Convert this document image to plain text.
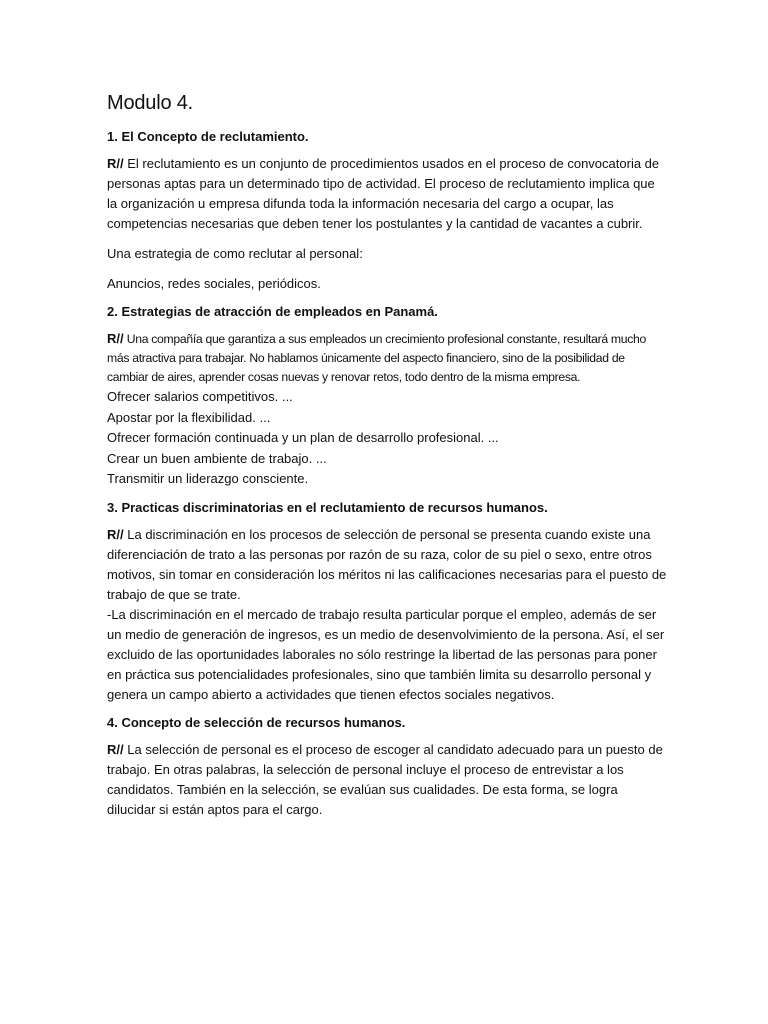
Modulo 4.
1. El Concepto de reclutamiento.

R// El reclutamiento es un conjunto de procedimientos usados en el proceso de convocatoria de personas aptas para un determinado tipo de actividad. El proceso de reclutamiento implica que la organización u empresa difunda toda la información necesaria del cargo a ocupar, las competencias necesarias que deben tener los postulantes y la cantidad de vacantes a cubrir.

Una estrategia de como reclutar al personal:

Anuncios, redes sociales, periódicos.

2. Estrategias de atracción de empleados en Panamá.

R// Una compañía que garantiza a sus empleados un crecimiento profesional constante, resultará mucho más atractiva para trabajar. No hablamos únicamente del aspecto financiero, sino de la posibilidad de cambiar de aires, aprender cosas nuevas y renovar retos, todo dentro de la misma empresa.

Ofrecer salarios competitivos. ...
Apostar por la flexibilidad. ...
Ofrecer formación continuada y un plan de desarrollo profesional. ...
Crear un buen ambiente de trabajo. ...
Transmitir un liderazgo consciente.
3. Practicas discriminatorias en el reclutamiento de recursos humanos.

R// La discriminación en los procesos de selección de personal se presenta cuando existe una diferenciación de trato a las personas por razón de su raza, color de su piel o sexo, entre otros motivos, sin tomar en consideración los méritos ni las calificaciones necesarias para el puesto de trabajo de que se trate.

-La discriminación en el mercado de trabajo resulta particular porque el empleo, además de ser un medio de generación de ingresos, es un medio de desenvolvimiento de la persona. Así, el ser excluido de las oportunidades laborales no sólo restringe la libertad de las personas para poner en práctica sus potencialidades profesionales, sino que también limita su desarrollo personal y genera un campo abierto a actividades que tienen efectos sociales negativos.

4. Concepto de selección de recursos humanos.

R// La selección de personal es el proceso de escoger al candidato adecuado para un puesto de trabajo. En otras palabras, la selección de personal incluye el proceso de entrevistar a los candidatos. También en la selección, se evalúan sus cualidades. De esta forma, se logra dilucidar si están aptos para el cargo.
